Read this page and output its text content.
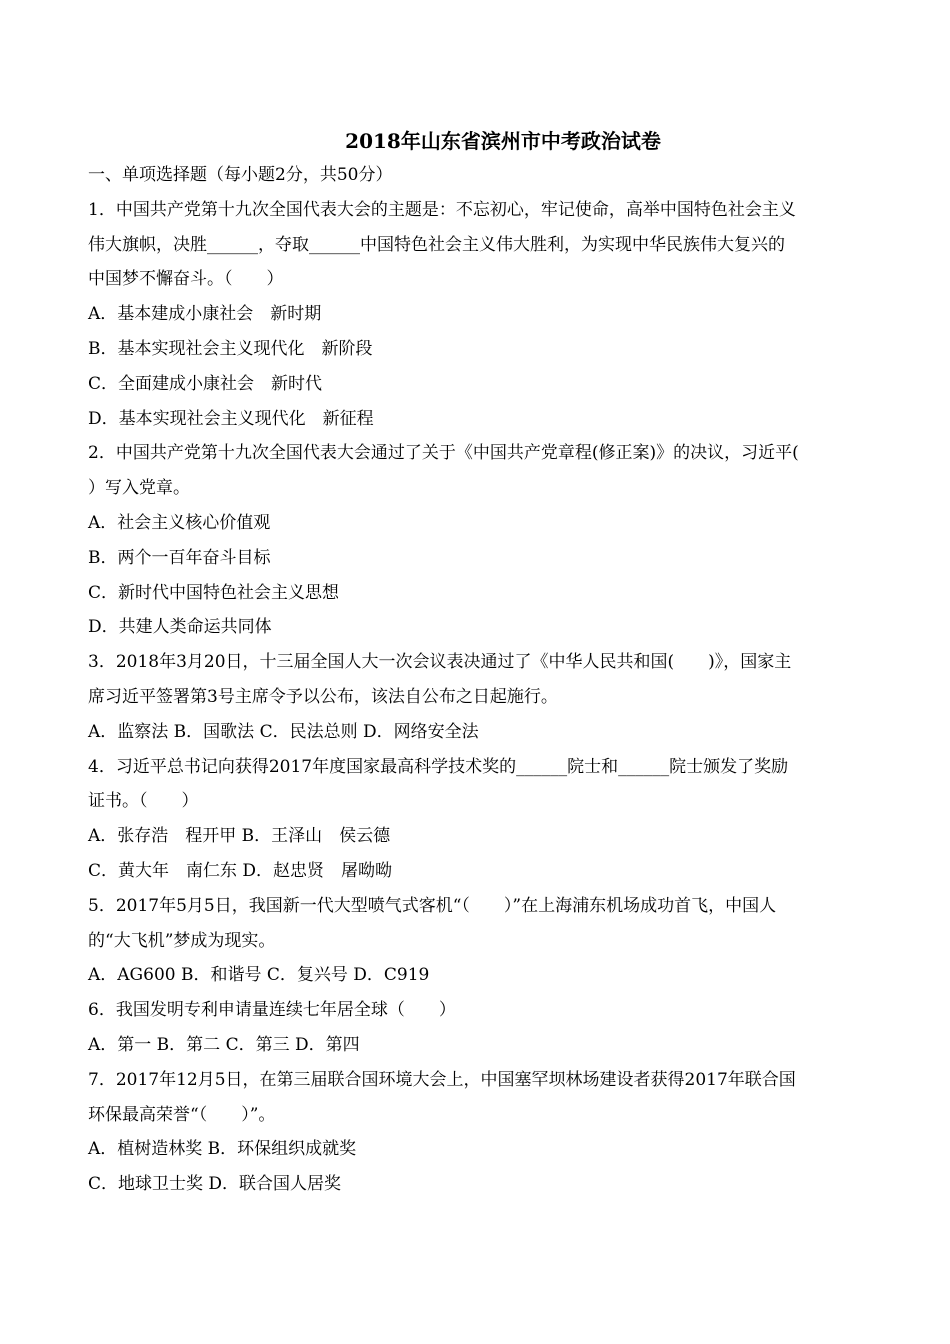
2018年山东省滨州市中考政治试卷
一、单项选择题（每小题2分，共50分）
1．中国共产党第十九次全国代表大会的主题是：不忘初心，牢记使命，高举中国特色社会主义
伟大旗帜，决胜______，夺取______中国特色社会主义伟大胜利，为实现中华民族伟大复兴的
中国梦不懈奋斗。（　　）
A．基本建成小康社会　新时期
B．基本实现社会主义现代化　新阶段
C．全面建成小康社会　新时代
D．基本实现社会主义现代化　新征程
2．中国共产党第十九次全国代表大会通过了关于《中国共产党章程(修正案)》的决议，习近平(
）写入党章。
A．社会主义核心价值观
B．两个一百年奋斗目标
C．新时代中国特色社会主义思想
D．共建人类命运共同体
3．2018年3月20日，十三届全国人大一次会议表决通过了《中华人民共和国(　　)》，国家主
席习近平签署第3号主席令予以公布，该法自公布之日起施行。
A．监察法 B．国歌法 C．民法总则 D．网络安全法
4．习近平总书记向获得2017年度国家最高科学技术奖的______院士和______院士颁发了奖励
证书。（　　）
A．张存浩　程开甲 B．王泽山　侯云德
C．黄大年　南仁东 D．赵忠贤　屠呦呦
5．2017年5月5日，我国新一代大型喷气式客机“（　　）”在上海浦东机场成功首飞，中国人
的“大飞机”梦成为现实。
A．AG600 B．和谐号 C．复兴号 D．C919
6．我国发明专利申请量连续七年居全球（　　）
A．第一 B．第二 C．第三 D．第四
7．2017年12月5日，在第三届联合国环境大会上，中国塞罕坝林场建设者获得2017年联合国
环保最高荣誉“（　　）”。
A．植树造林奖 B．环保组织成就奖
C．地球卫士奖 D．联合国人居奖
